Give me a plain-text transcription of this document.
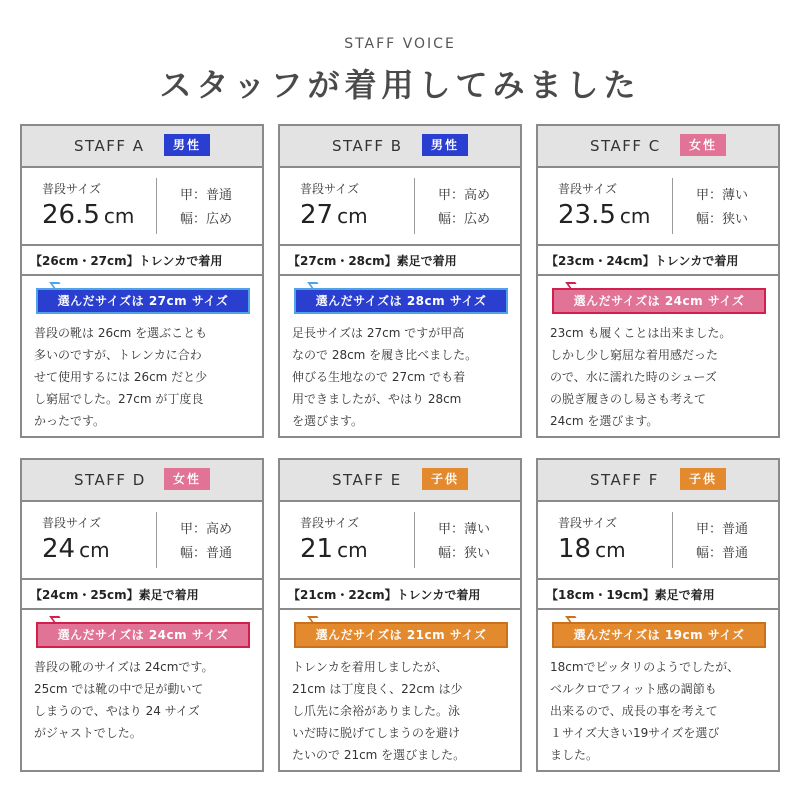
STAFF VOICE
スタッフが着用してみました
STAFF A	男性
普段サイズ
26.5 cm
甲：普通
幅：広め
【26cm・27cm】トレンカで着用
選んだサイズは 27cm サイズ
普段の靴は 26cm を選ぶことも
多いのですが、トレンカに合わ
せて使用するには 26cm だと少
し窮屈でした。27cm が丁度良
かったです。
STAFF B	男性
普段サイズ
27 cm
甲：高め
幅：広め
【27cm・28cm】素足で着用
選んだサイズは 28cm サイズ
足長サイズは 27cm ですが甲高
なので 28cm を履き比べました。
伸びる生地なので 27cm でも着
用できましたが、やはり 28cm
を選びます。
STAFF C	女性
普段サイズ
23.5 cm
甲：薄い
幅：狭い
【23cm・24cm】トレンカで着用
選んだサイズは 24cm サイズ
23cm も履くことは出来ました。
しかし少し窮屈な着用感だった
ので、水に濡れた時のシューズ
の脱ぎ履きのし易さも考えて
24cm を選びます。
STAFF D	女性
普段サイズ
24 cm
甲：高め
幅：普通
【24cm・25cm】素足で着用
選んだサイズは 24cm サイズ
普段の靴のサイズは 24cmです。
25cm では靴の中で足が動いて
しまうので、やはり 24 サイズ
がジャストでした。
STAFF E	子供
普段サイズ
21 cm
甲：薄い
幅：狭い
【21cm・22cm】トレンカで着用
選んだサイズは 21cm サイズ
トレンカを着用しましたが、
21cm は丁度良く、22cm は少
し爪先に余裕がありました。泳
いだ時に脱げてしまうのを避け
たいので 21cm を選びました。
STAFF F	子供
普段サイズ
18 cm
甲：普通
幅：普通
【18cm・19cm】素足で着用
選んだサイズは 19cm サイズ
18cmでピッタリのようでしたが、
ベルクロでフィット感の調節も
出来るので、成長の事を考えて
１サイズ大きい19サイズを選び
ました。
